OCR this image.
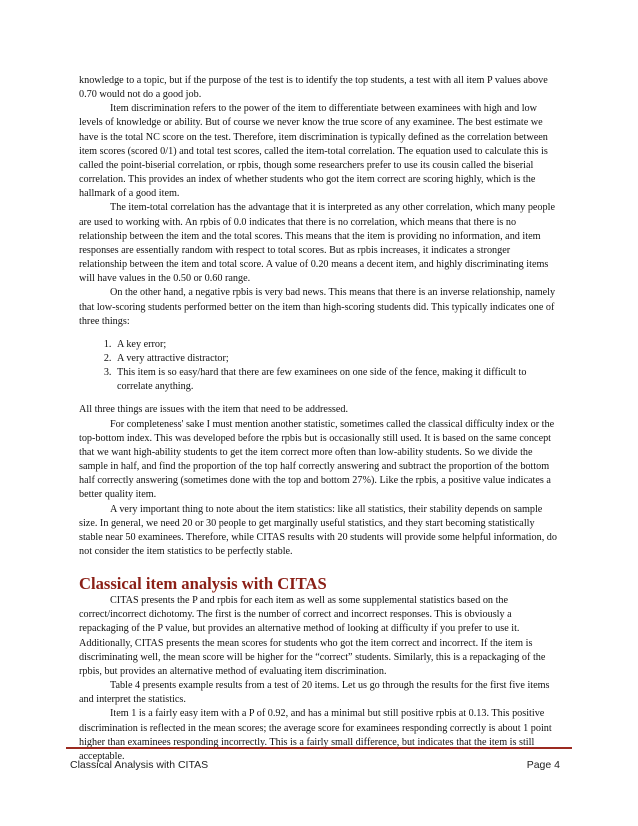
knowledge to a topic, but if the purpose of the test is to identify the top students, a test with all item P values above 0.70 would not do a good job.

Item discrimination refers to the power of the item to differentiate between examinees with high and low levels of knowledge or ability. But of course we never know the true score of any examinee. The best estimate we have is the total NC score on the test. Therefore, item discrimination is typically defined as the correlation between item scores (scored 0/1) and total test scores, called the item-total correlation. The equation used to calculate this is called the point-biserial correlation, or rpbis, though some researchers prefer to use its cousin called the biserial correlation. This provides an index of whether students who got the item correct are scoring highly, which is the hallmark of a good item.

The item-total correlation has the advantage that it is interpreted as any other correlation, which many people are used to working with. An rpbis of 0.0 indicates that there is no correlation, which means that there is no relationship between the item and the total scores. This means that the item is providing no information, and item responses are essentially random with respect to total scores. But as rpbis increases, it indicates a stronger relationship between the item and total score. A value of 0.20 means a decent item, and highly discriminating items will have values in the 0.50 or 0.60 range.

On the other hand, a negative rpbis is very bad news. This means that there is an inverse relationship, namely that low-scoring students performed better on the item than high-scoring students did. This typically indicates one of three things:

1. A key error;
2. A very attractive distractor;
3. This item is so easy/hard that there are few examinees on one side of the fence, making it difficult to correlate anything.

All three things are issues with the item that need to be addressed.

For completeness' sake I must mention another statistic, sometimes called the classical difficulty index or the top-bottom index. This was developed before the rpbis but is occasionally still used. It is based on the same concept that we want high-ability students to get the item correct more often than low-ability students. So we divide the sample in half, and find the proportion of the top half correctly answering and subtract the proportion of the bottom half correctly answering (sometimes done with the top and bottom 27%). Like the rpbis, a positive value indicates a better quality item.

A very important thing to note about the item statistics: like all statistics, their stability depends on sample size. In general, we need 20 or 30 people to get marginally useful statistics, and they start becoming statistically stable near 50 examinees. Therefore, while CITAS results with 20 students will provide some helpful information, do not consider the item statistics to be perfectly stable.

Classical item analysis with CITAS

CITAS presents the P and rpbis for each item as well as some supplemental statistics based on the correct/incorrect dichotomy. The first is the number of correct and incorrect responses. This is obviously a repackaging of the P value, but provides an alternative method of looking at difficulty if you prefer to use it. Additionally, CITAS presents the mean scores for students who got the item correct and incorrect. If the item is discriminating well, the mean score will be higher for the “correct” students. Similarly, this is a repackaging of the rpbis, but provides an alternative method of evaluating item discrimination.

Table 4 presents example results from a test of 20 items. Let us go through the results for the first five items and interpret the statistics.

Item 1 is a fairly easy item with a P of 0.92, and has a minimal but still positive rpbis at 0.13. This positive discrimination is reflected in the mean scores; the average score for examinees responding correctly is about 1 point higher than examinees responding incorrectly. This is a fairly small difference, but indicates that the item is still acceptable.

Classical Analysis with CITAS	Page 4
